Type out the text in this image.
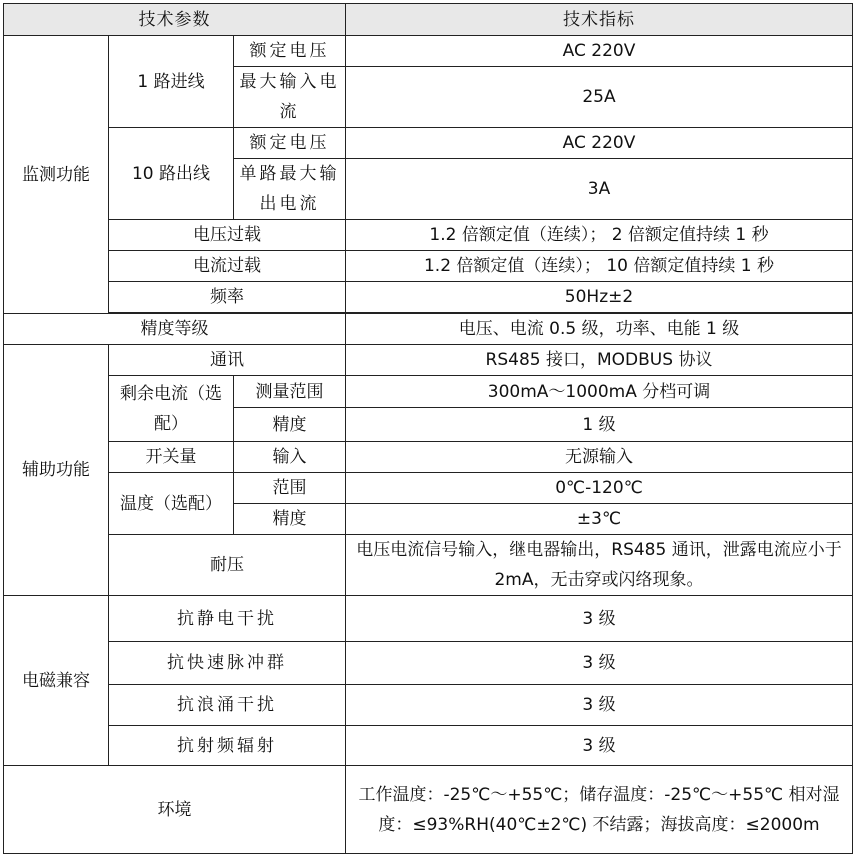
技术参数			技术指标
监测功能	1 路进线	额定电压	AC 220V
		最大输入电流	25A
	10 路出线	额定电压	AC 220V
		单路最大输出电流	3A
	电压过载		1.2 倍额定值（连续）； 2 倍额定值持续 1 秒
	电流过载		1.2 倍额定值（连续）； 10 倍额定值持续 1 秒
	频率		50Hz±2

精度等级			电压、电流 0.5 级，功率、电能 1 级
辅助功能	通讯		RS485 接口，MODBUS 协议
	剩余电流（选配）	测量范围	300mA～1000mA 分档可调
		精度	1 级
	开关量	输入	无源输入
	温度（选配）	范围	0℃-120℃
		精度	±3℃
	耐压		电压电流信号输入，继电器输出，RS485 通讯，泄露电流应小于 2mA，无击穿或闪络现象。
电磁兼容	抗静电干扰		3 级
	抗快速脉冲群		3 级
	抗浪涌干扰		3 级
	抗射频辐射		3 级
环境			工作温度：-25℃～+55℃；储存温度：-25℃～+55℃ 相对湿度：≤93%RH(40℃±2℃) 不结露；海拔高度：≤2000m
